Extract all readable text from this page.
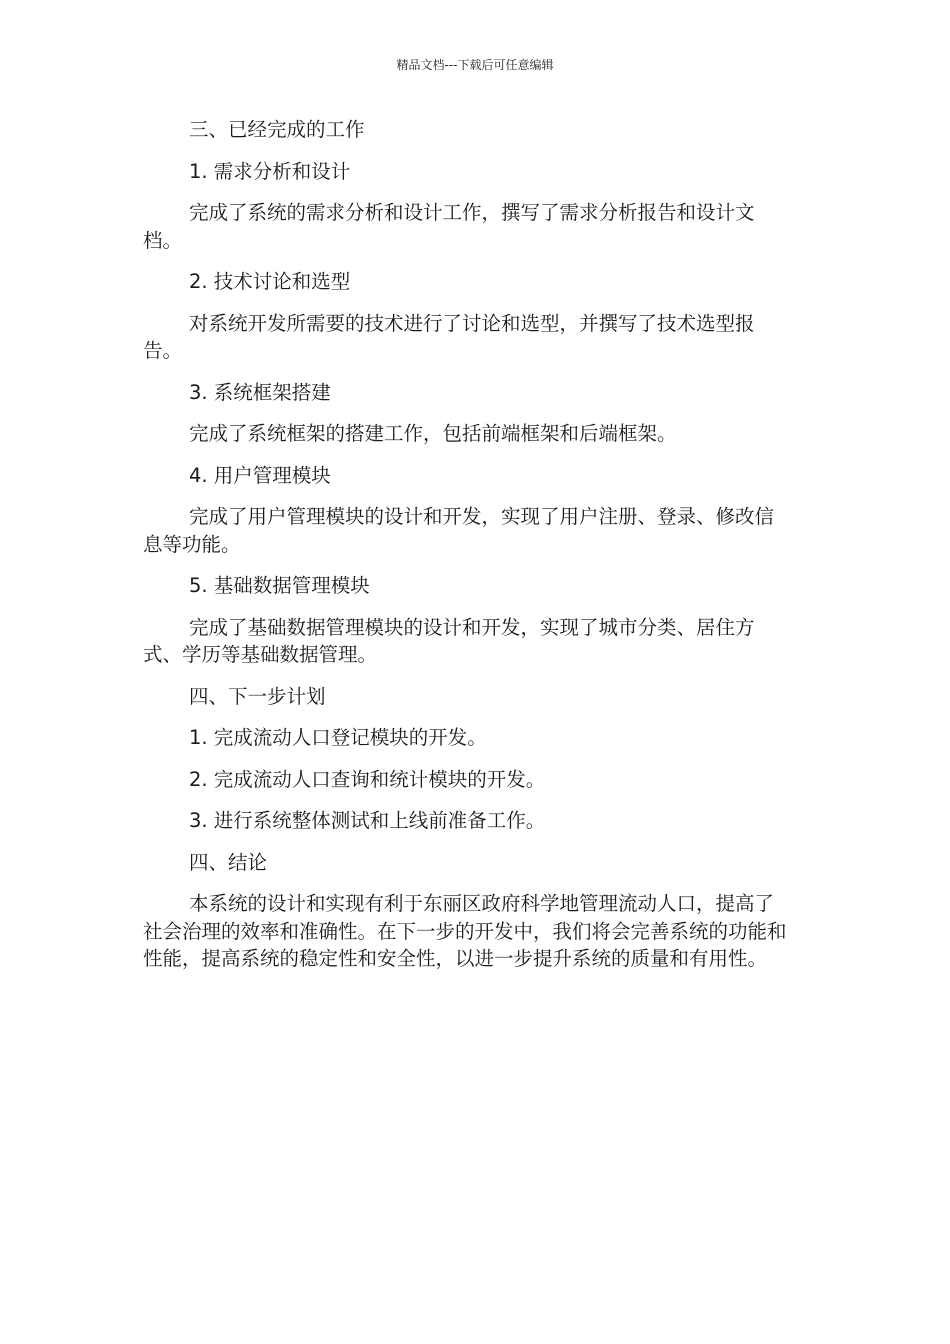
精品文档---下载后可任意编辑

三、已经完成的工作

1. 需求分析和设计

完成了系统的需求分析和设计工作，撰写了需求分析报告和设计文档。

2. 技术讨论和选型

对系统开发所需要的技术进行了讨论和选型，并撰写了技术选型报告。

3. 系统框架搭建

完成了系统框架的搭建工作，包括前端框架和后端框架。

4. 用户管理模块

完成了用户管理模块的设计和开发，实现了用户注册、登录、修改信息等功能。

5. 基础数据管理模块

完成了基础数据管理模块的设计和开发，实现了城市分类、居住方式、学历等基础数据管理。

四、下一步计划

1. 完成流动人口登记模块的开发。

2. 完成流动人口查询和统计模块的开发。

3. 进行系统整体测试和上线前准备工作。

四、结论

本系统的设计和实现有利于东丽区政府科学地管理流动人口，提高了社会治理的效率和准确性。在下一步的开发中，我们将会完善系统的功能和性能，提高系统的稳定性和安全性，以进一步提升系统的质量和有用性。
